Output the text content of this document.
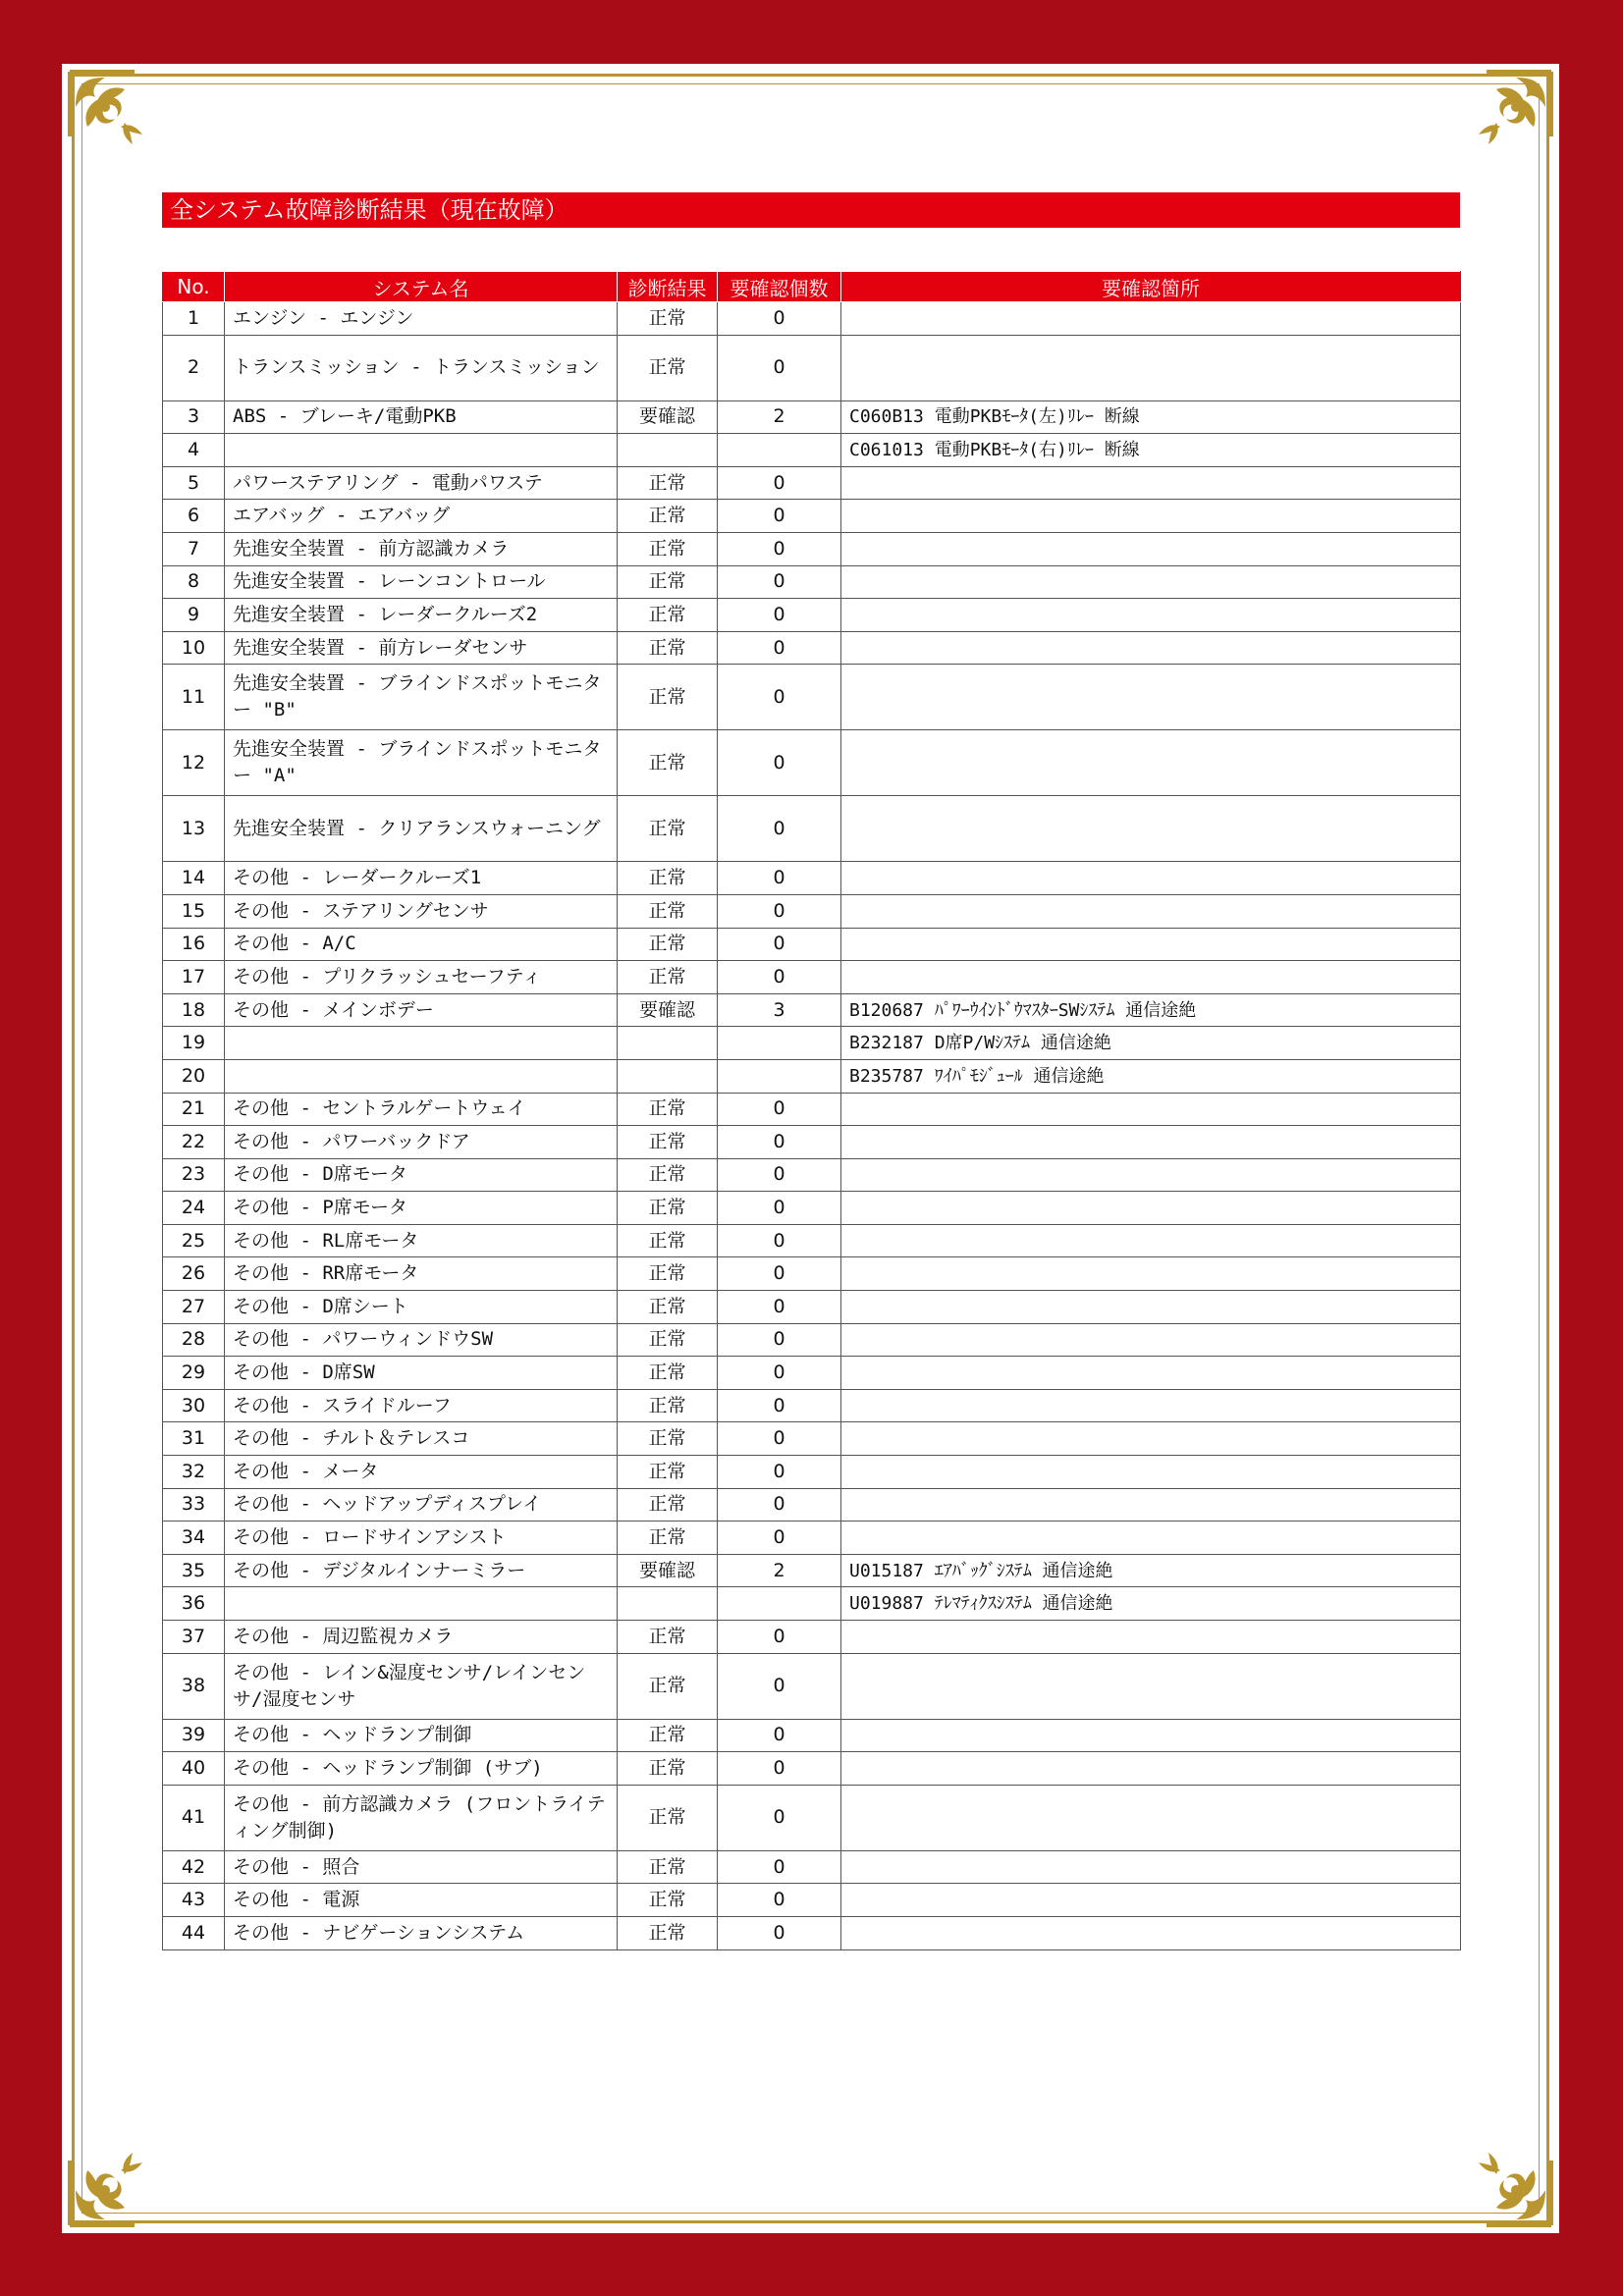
全システム故障診断結果（現在故障）
No.	システム名	診断結果	要確認個数	要確認箇所
1	エンジン - エンジン	正常	0	
2	トランスミッション - トランスミッション	正常	0	
3	ABS - ブレーキ/電動PKB	要確認	2	C060B13 電動PKBﾓｰﾀ(左)ﾘﾚｰ 断線
4				C061013 電動PKBﾓｰﾀ(右)ﾘﾚｰ 断線
5	パワーステアリング - 電動パワステ	正常	0	
6	エアバッグ - エアバッグ	正常	0	
7	先進安全装置 - 前方認識カメラ	正常	0	
8	先進安全装置 - レーンコントロール	正常	0	
9	先進安全装置 - レーダークルーズ2	正常	0	
10	先進安全装置 - 前方レーダセンサ	正常	0	
11	先進安全装置 - ブラインドスポットモニター "B"	正常	0	
12	先進安全装置 - ブラインドスポットモニター "A"	正常	0	
13	先進安全装置 - クリアランスウォーニング	正常	0	
14	その他 - レーダークルーズ1	正常	0	
15	その他 - ステアリングセンサ	正常	0	
16	その他 - A/C	正常	0	
17	その他 - プリクラッシュセーフティ	正常	0	
18	その他 - メインボデー	要確認	3	B120687 ﾊﾟﾜｰｳｲﾝﾄﾞｳﾏｽﾀｰSWｼｽﾃﾑ 通信途絶
19				B232187 D席P/Wｼｽﾃﾑ 通信途絶
20				B235787 ﾜｲﾊﾟﾓｼﾞｭｰﾙ 通信途絶
21	その他 - セントラルゲートウェイ	正常	0	
22	その他 - パワーバックドア	正常	0	
23	その他 - D席モータ	正常	0	
24	その他 - P席モータ	正常	0	
25	その他 - RL席モータ	正常	0	
26	その他 - RR席モータ	正常	0	
27	その他 - D席シート	正常	0	
28	その他 - パワーウィンドウSW	正常	0	
29	その他 - D席SW	正常	0	
30	その他 - スライドルーフ	正常	0	
31	その他 - チルト＆テレスコ	正常	0	
32	その他 - メータ	正常	0	
33	その他 - ヘッドアップディスプレイ	正常	0	
34	その他 - ロードサインアシスト	正常	0	
35	その他 - デジタルインナーミラー	要確認	2	U015187 ｴｱﾊﾞｯｸﾞｼｽﾃﾑ 通信途絶
36				U019887 ﾃﾚﾏﾃｨｸｽｼｽﾃﾑ 通信途絶
37	その他 - 周辺監視カメラ	正常	0	
38	その他 - レイン&湿度センサ/レインセンサ/湿度センサ	正常	0	
39	その他 - ヘッドランプ制御	正常	0	
40	その他 - ヘッドランプ制御 (サブ)	正常	0	
41	その他 - 前方認識カメラ (フロントライティング制御)	正常	0	
42	その他 - 照合	正常	0	
43	その他 - 電源	正常	0	
44	その他 - ナビゲーションシステム	正常	0	
